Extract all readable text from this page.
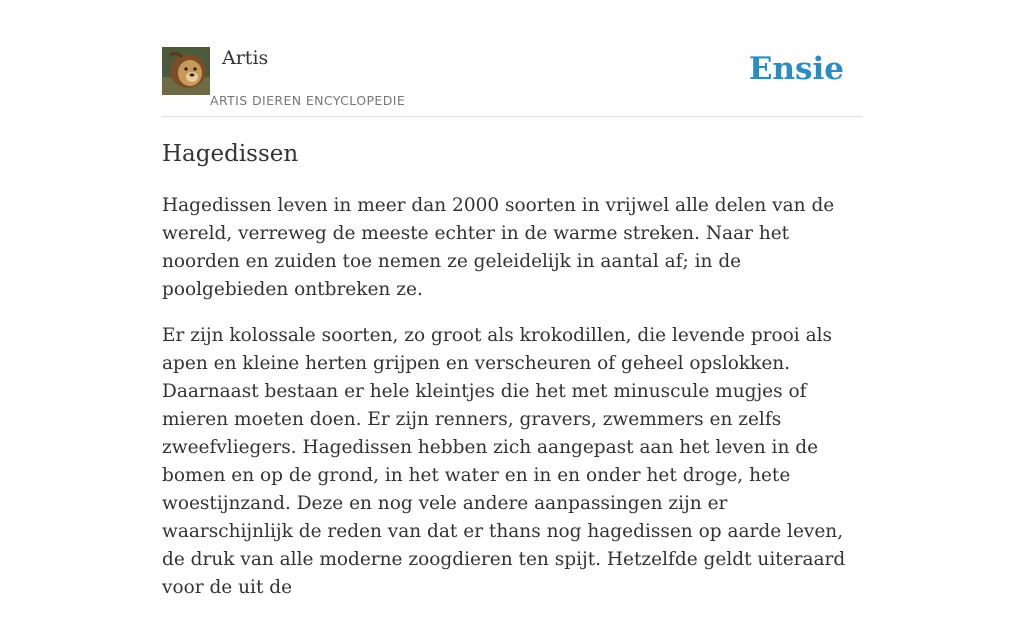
Artis
ARTIS DIEREN ENCYCLOPEDIE
Ensie
Hagedissen

Hagedissen leven in meer dan 2000 soorten in vrijwel alle delen van de wereld, verreweg de meeste echter in de warme streken. Naar het noorden en zuiden toe nemen ze geleidelijk in aantal af; in de poolgebieden ontbreken ze.

Er zijn kolossale soorten, zo groot als krokodillen, die levende prooi als apen en kleine herten grijpen en verscheuren of geheel opslokken. Daarnaast bestaan er hele kleintjes die het met minuscule mugjes of mieren moeten doen. Er zijn renners, gravers, zwemmers en zelfs zweefvliegers. Hagedissen hebben zich aangepast aan het leven in de bomen en op de grond, in het water en in en onder het droge, hete woestijnzand. Deze en nog vele andere aanpassingen zijn er waarschijnlijk de reden van dat er thans nog hagedissen op aarde leven, de druk van alle moderne zoogdieren ten spijt. Hetzelfde geldt uiteraard voor de uit de
